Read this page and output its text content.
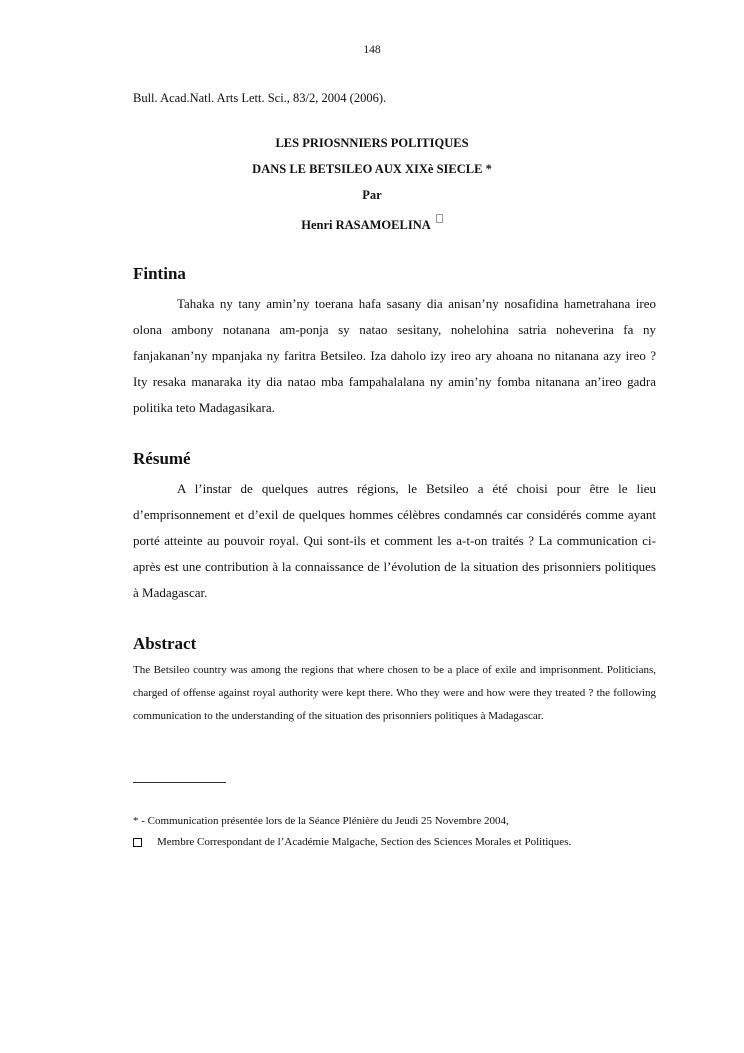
148
Bull. Acad.Natl. Arts Lett. Sci., 83/2, 2004 (2006).
LES PRIOSNNIERS POLITIQUES
DANS LE BETSILEO AUX XIXè SIECLE *
Par
Henri RASAMOELINA
Fintina

Tahaka ny tany amin’ny toerana hafa sasany dia anisan’ny nosafidina hametrahana ireo olona ambony notanana am-ponja sy natao sesitany, nohelohina satria noheverina fa ny fanjakanan’ny mpanjaka ny faritra Betsileo. Iza daholo izy ireo ary ahoana no nitanana azy ireo ? Ity resaka manaraka ity dia natao mba fampahalalana ny amin’ny fomba nitanana an’ireo gadra politika teto Madagasikara.

Résumé

A l’instar de quelques autres régions, le Betsileo a été choisi pour être le lieu d’emprisonnement et d’exil de quelques hommes célèbres condamnés car considérés comme ayant porté atteinte au pouvoir royal. Qui sont-ils et comment les a-t-on traités ? La communication ci-après est une contribution à la connaissance de l’évolution de la situation des prisonniers politiques à Madagascar.

Abstract

The Betsileo country was among the regions that where chosen to be a place of exile and imprisonment. Politicians, charged of offense against royal authority were kept there. Who they were and how were they treated ? the following communication to the understanding of the situation des prisonniers politiques à Madagascar.

* - Communication présentée lors de la Séance Plénière du Jeudi 25 Novembre 2004,
Membre Correspondant de l’Académie Malgache, Section des Sciences Morales et Politiques.
